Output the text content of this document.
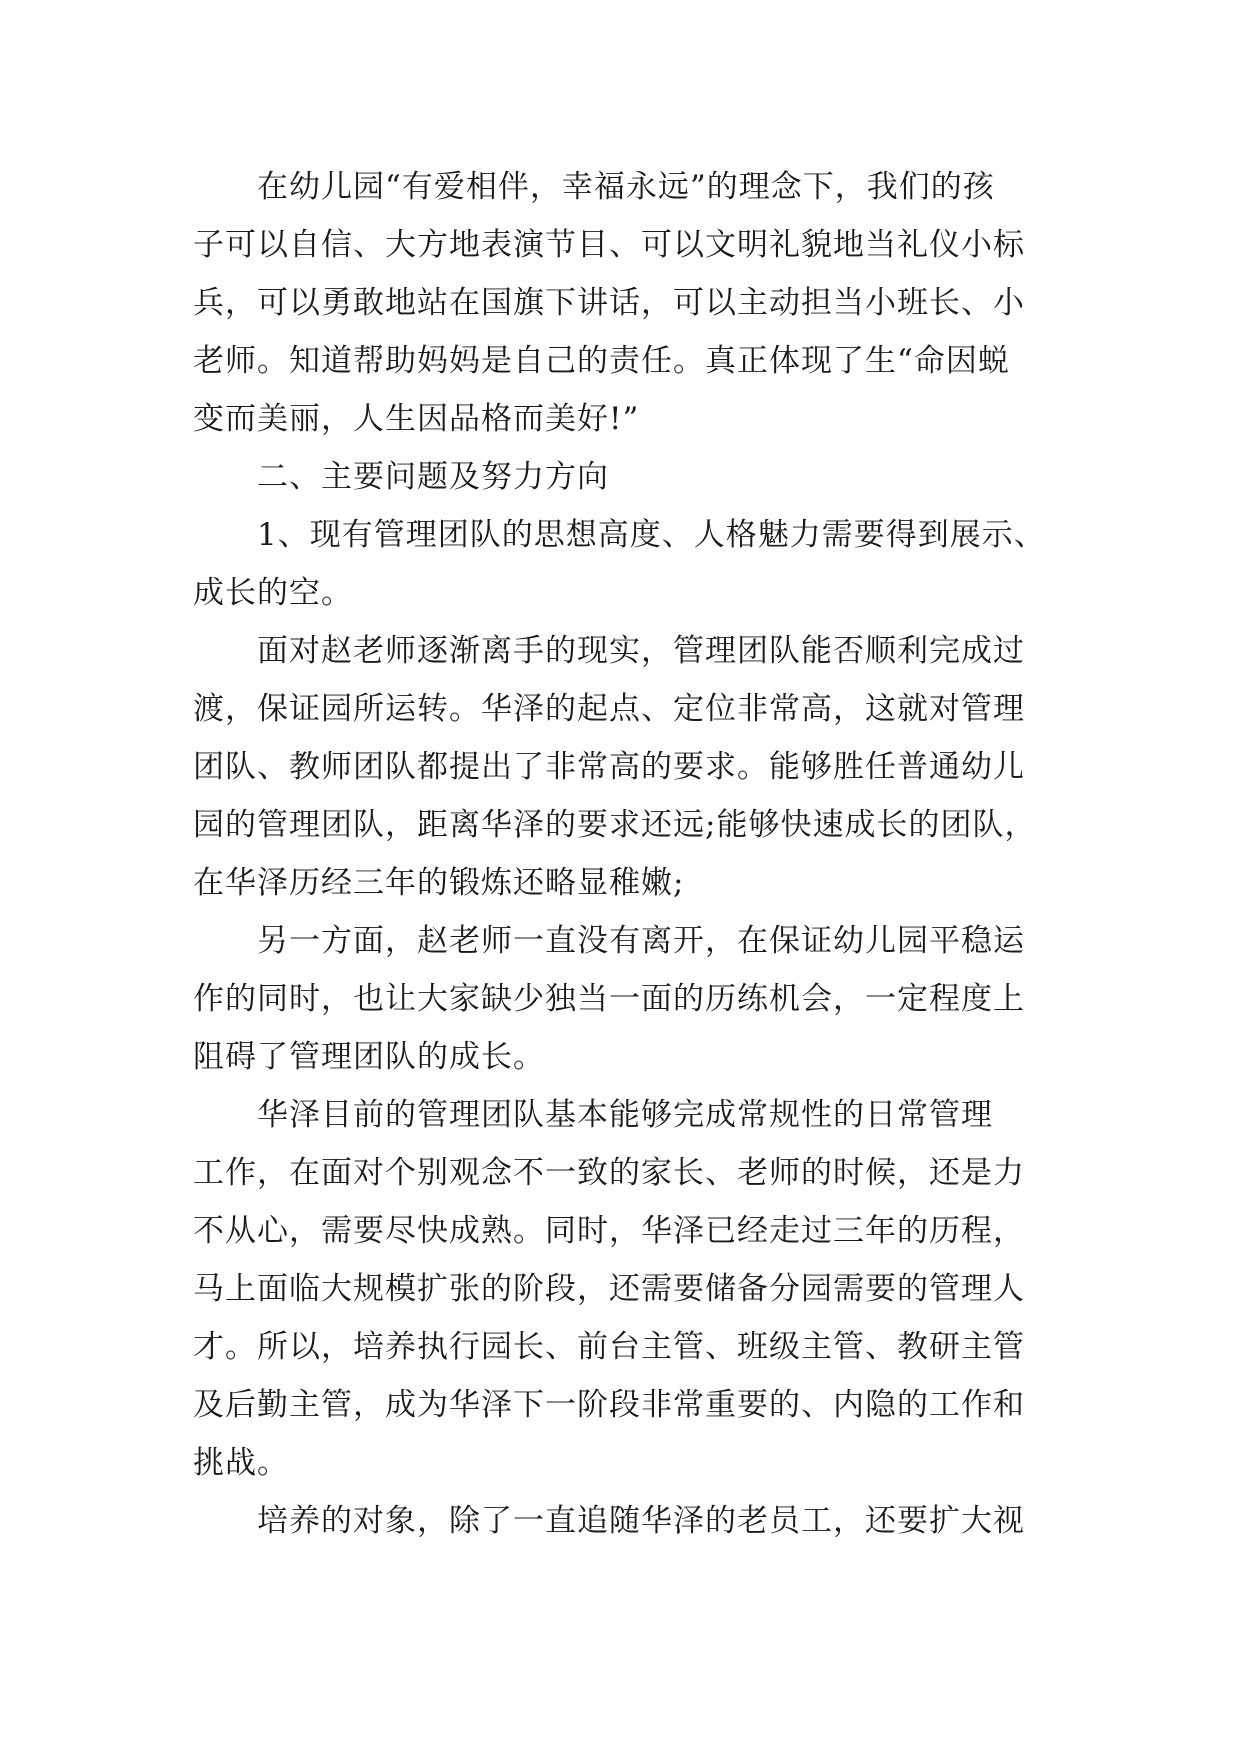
在幼儿园“有爱相伴，幸福永远”的理念下，我们的孩
子可以自信、大方地表演节目、可以文明礼貌地当礼仪小标
兵，可以勇敢地站在国旗下讲话，可以主动担当小班长、小
老师。知道帮助妈妈是自己的责任。真正体现了生“命因蜕
变而美丽，人生因品格而美好!”
二、主要问题及努力方向
1、现有管理团队的思想高度、人格魅力需要得到展示、
成长的空。
面对赵老师逐渐离手的现实，管理团队能否顺利完成过
渡，保证园所运转。华泽的起点、定位非常高，这就对管理
团队、教师团队都提出了非常高的要求。能够胜任普通幼儿
园的管理团队，距离华泽的要求还远;能够快速成长的团队，
在华泽历经三年的锻炼还略显稚嫩;
另一方面，赵老师一直没有离开，在保证幼儿园平稳运
作的同时，也让大家缺少独当一面的历练机会，一定程度上
阻碍了管理团队的成长。
华泽目前的管理团队基本能够完成常规性的日常管理
工作，在面对个别观念不一致的家长、老师的时候，还是力
不从心，需要尽快成熟。同时，华泽已经走过三年的历程，
马上面临大规模扩张的阶段，还需要储备分园需要的管理人
才。所以，培养执行园长、前台主管、班级主管、教研主管
及后勤主管，成为华泽下一阶段非常重要的、内隐的工作和
挑战。
培养的对象，除了一直追随华泽的老员工，还要扩大视
